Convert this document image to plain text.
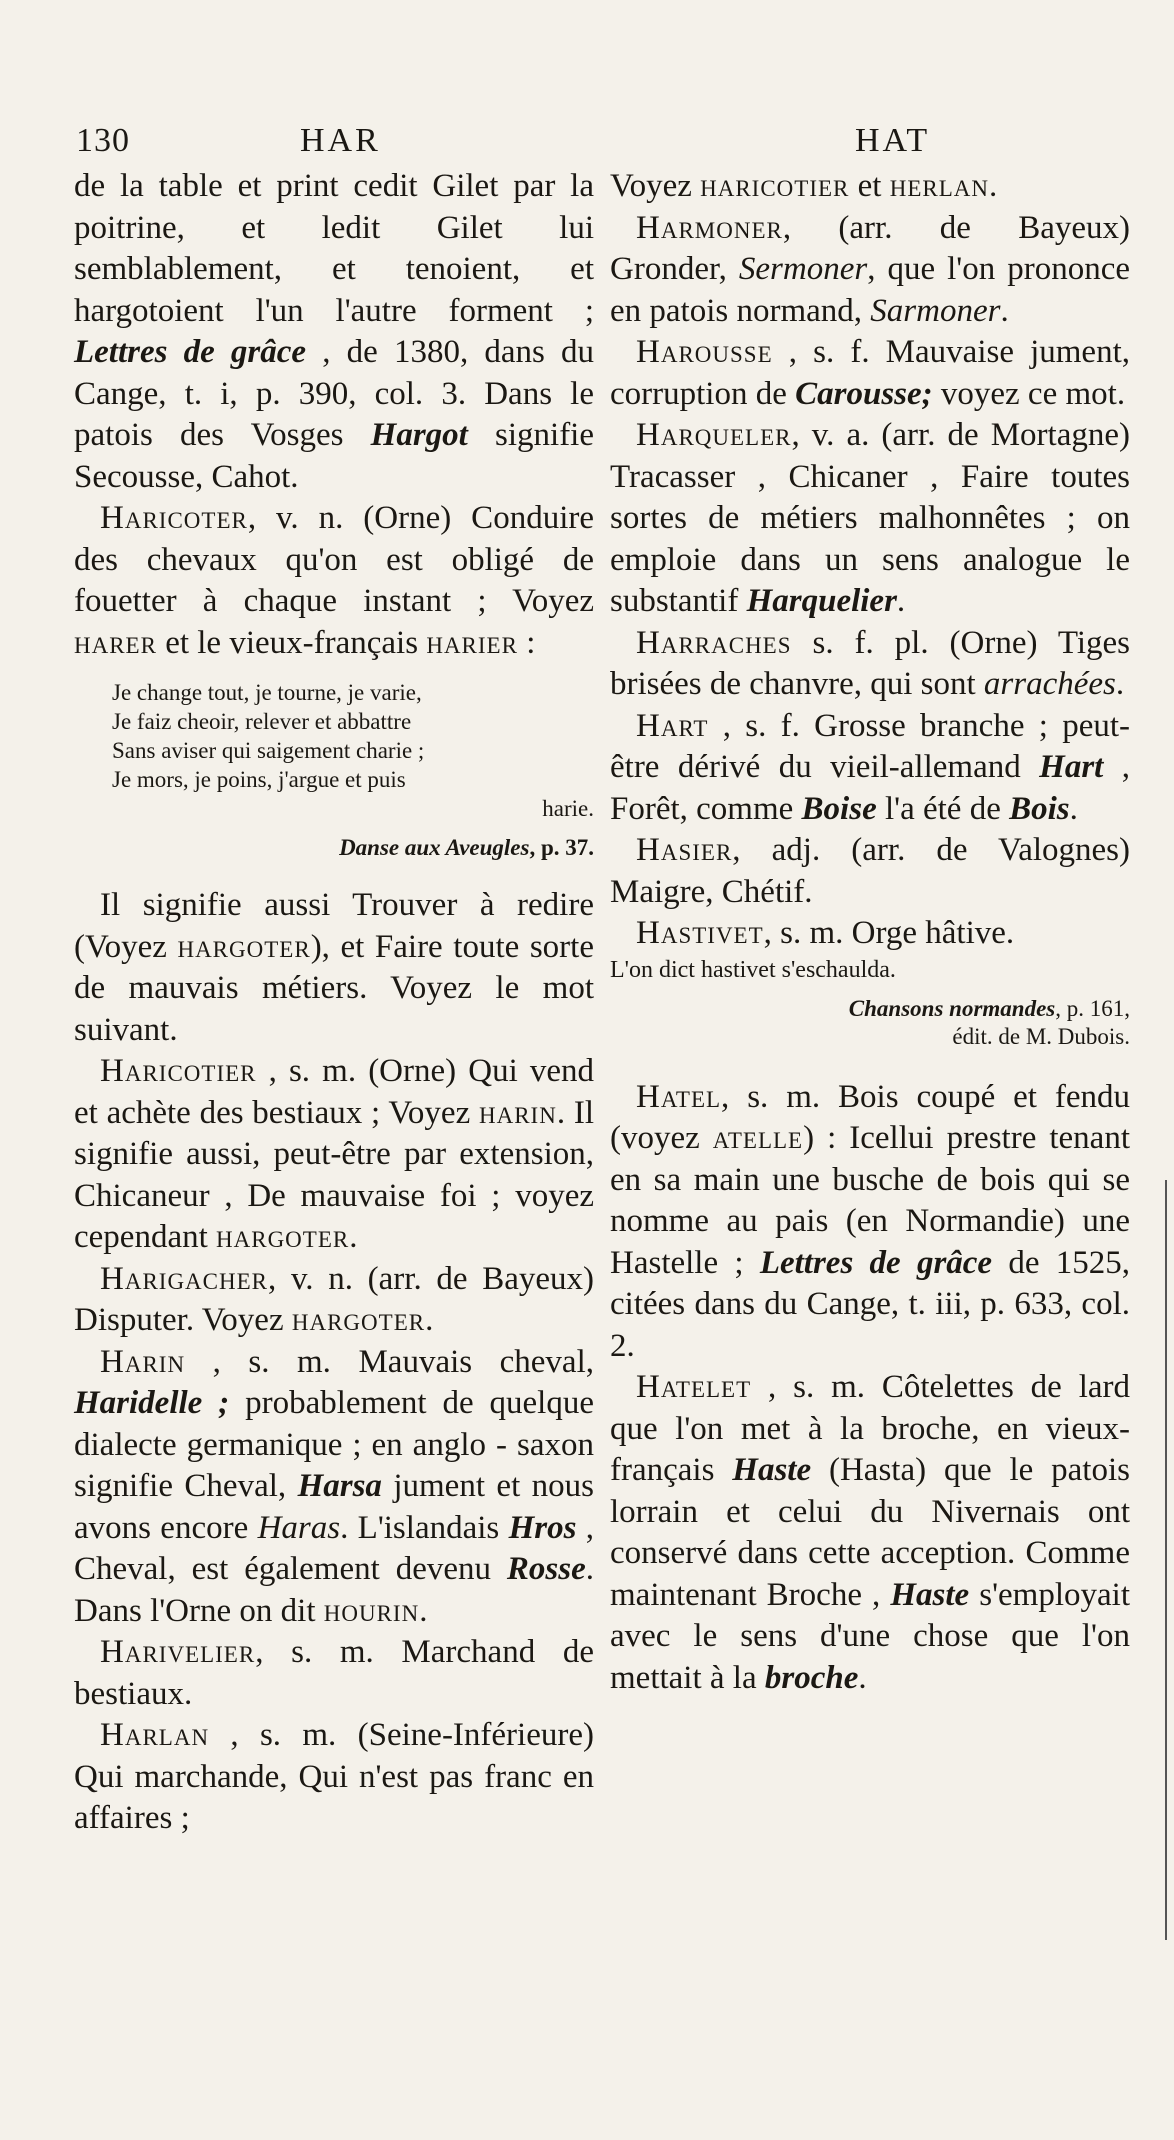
130	HAR	HAT

de la table et print cedit Gilet par la poitrine, et ledit Gilet lui semblablement, et tenoient, et hargotoient l'un l'autre forment ; Lettres de grâce , de 1380, dans du Cange, t. i, p. 390, col. 3. Dans le patois des Vosges Hargot signifie Secousse, Cahot.

Haricoter, v. n. (Orne) Conduire des chevaux qu'on est obligé de fouetter à chaque instant ; Voyez harer et le vieux-français harier :

Je change tout, je tourne, je varie,
Je faiz cheoir, relever et abbattre
Sans aviser qui saigement charie ;
Je mors, je poins, j'argue et puis
harie.
Danse aux Aveugles, p. 37.

Il signifie aussi Trouver à redire (Voyez hargoter), et Faire toute sorte de mauvais métiers. Voyez le mot suivant.

Haricotier , s. m. (Orne) Qui vend et achète des bestiaux ; Voyez harin. Il signifie aussi, peut-être par extension, Chicaneur , De mauvaise foi ; voyez cependant hargoter.

Harigacher, v. n. (arr. de Bayeux) Disputer. Voyez hargoter.

Harin , s. m. Mauvais cheval, Haridelle ; probablement de quelque dialecte germanique ; en anglo - saxon signifie Cheval, Harsa jument et nous avons encore Haras. L'islandais Hros , Cheval, est également devenu Rosse. Dans l'Orne on dit hourin.

Harivelier, s. m. Marchand de bestiaux.

Harlan , s. m. (Seine-Inférieure) Qui marchande, Qui n'est pas franc en affaires ;

Voyez haricotier et herlan.

Harmoner, (arr. de Bayeux) Gronder, Sermoner, que l'on prononce en patois normand, Sarmoner.

Harousse , s. f. Mauvaise jument, corruption de Carousse; voyez ce mot.

Harqueler, v. a. (arr. de Mortagne) Tracasser , Chicaner , Faire toutes sortes de métiers malhonnêtes ; on emploie dans un sens analogue le substantif Harquelier.

Harraches s. f. pl. (Orne) Tiges brisées de chanvre, qui sont arrachées.

Hart , s. f. Grosse branche ; peut-être dérivé du vieil-allemand Hart , Forêt, comme Boise l'a été de Bois.

Hasier, adj. (arr. de Valognes) Maigre, Chétif.

Hastivet, s. m. Orge hâtive.

L'on dict hastivet s'eschaulda.

Chansons normandes, p. 161,
édit. de M. Dubois.

Hatel, s. m. Bois coupé et fendu (voyez atelle) : Icellui prestre tenant en sa main une busche de bois qui se nomme au pais (en Normandie) une Hastelle ; Lettres de grâce de 1525, citées dans du Cange, t. iii, p. 633, col. 2.

Hatelet , s. m. Côtelettes de lard que l'on met à la broche, en vieux-français Haste (Hasta) que le patois lorrain et celui du Nivernais ont conservé dans cette acception. Comme maintenant Broche , Haste s'employait avec le sens d'une chose que l'on mettait à la broche.
